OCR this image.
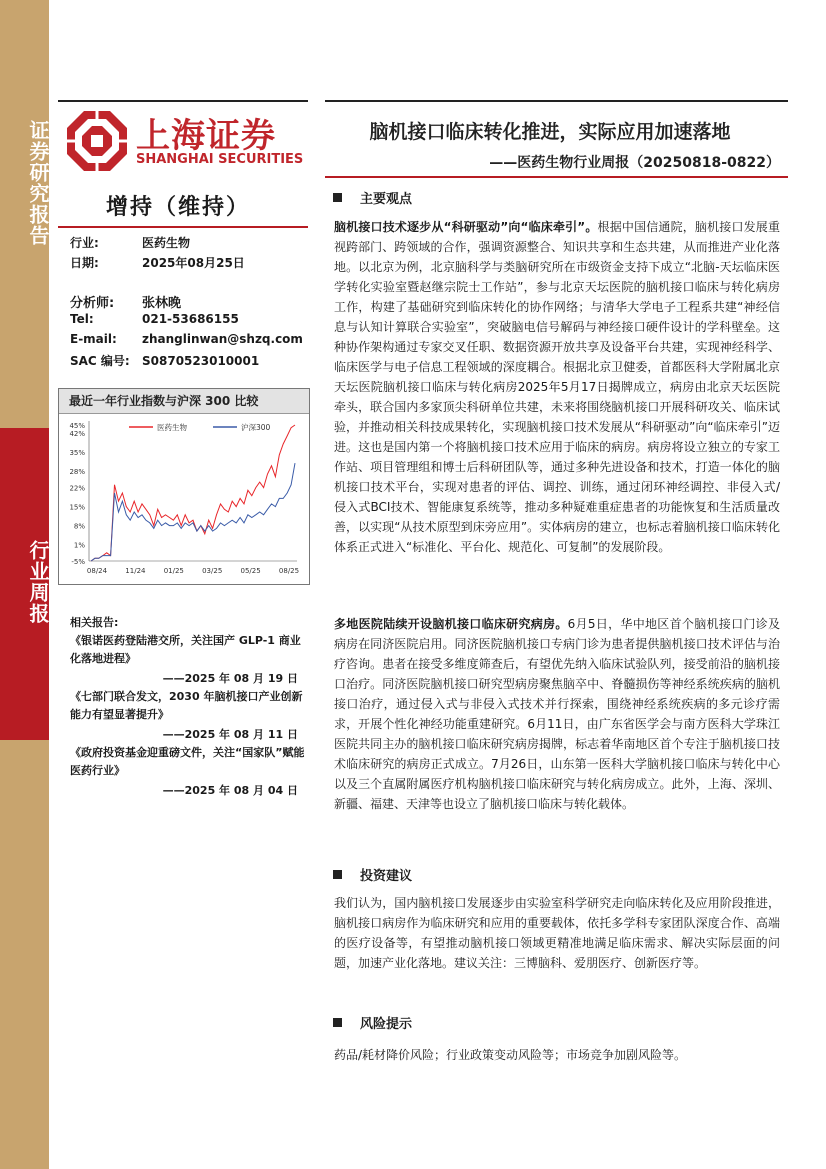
证券研究报告
行业周报
上海证券
SHANGHAI SECURITIES
脑机接口临床转化推进，实际应用加速落地
——医药生物行业周报（20250818-0822）
增持（维持）
行业:	医药生物
日期:	2025年08月25日
分析师: 张林晚
Tel:	021-53686155
E-mail: zhanglinwan@shzq.com
SAC 编号: S0870523010001
最近一年行业指数与沪深 300 比较
-5%
1%
8%
15%
22%
28%
35%
42%
45%
08/24	11/24	01/25	03/25	05/25	08/25
医药生物	沪深300
相关报告:
《银诺医药登陆港交所，关注国产 GLP-1 商业化落地进程》
——2025 年 08 月 19 日
《七部门联合发文，2030 年脑机接口产业创新能力有望显著提升》
——2025 年 08 月 11 日
《政府投资基金迎重磅文件，关注“国家队”赋能医药行业》
——2025 年 08 月 04 日
主要观点
脑机接口技术逐步从“科研驱动”向“临床牵引”。根据中国信通院，脑机接口发展重视跨部门、跨领域的合作，强调资源整合、知识共享和生态共建，从而推进产业化落地。以北京为例，北京脑科学与类脑研究所在市级资金支持下成立“北脑-天坛临床医学转化实验室暨赵继宗院士工作站”，参与北京天坛医院的脑机接口临床与转化病房工作，构建了基础研究到临床转化的协作网络；与清华大学电子工程系共建“神经信息与认知计算联合实验室”，突破脑电信号解码与神经接口硬件设计的学科壁垒。这种协作架构通过专家交叉任职、数据资源开放共享及设备平台共建，实现神经科学、临床医学与电子信息工程领域的深度耦合。根据北京卫健委，首都医科大学附属北京天坛医院脑机接口临床与转化病房2025年5月17日揭牌成立，病房由北京天坛医院牵头，联合国内多家顶尖科研单位共建，未来将围绕脑机接口开展科研攻关、临床试验，并推动相关科技成果转化，实现脑机接口技术发展从“科研驱动”向“临床牵引”迈进。这也是国内第一个将脑机接口技术应用于临床的病房。病房将设立独立的专家工作站、项目管理组和博士后科研团队等，通过多种先进设备和技术，打造一体化的脑机接口技术平台，实现对患者的评估、调控、训练，通过闭环神经调控、非侵入式/侵入式BCI技术、智能康复系统等，推动多种疑难重症患者的功能恢复和生活质量改善，以实现“从技术原型到床旁应用”。实体病房的建立，也标志着脑机接口临床转化体系正式进入“标准化、平台化、规范化、可复制”的发展阶段。
多地医院陆续开设脑机接口临床研究病房。6月5日，华中地区首个脑机接口门诊及病房在同济医院启用。同济医院脑机接口专病门诊为患者提供脑机接口技术评估与治疗咨询。患者在接受多维度筛查后，有望优先纳入临床试验队列，接受前沿的脑机接口治疗。同济医院脑机接口研究型病房聚焦脑卒中、脊髓损伤等神经系统疾病的脑机接口治疗，通过侵入式与非侵入式技术并行探索，围绕神经系统疾病的多元诊疗需求，开展个性化神经功能重建研究。6月11日，由广东省医学会与南方医科大学珠江医院共同主办的脑机接口临床研究病房揭牌，标志着华南地区首个专注于脑机接口技术临床研究的病房正式成立。7月26日，山东第一医科大学脑机接口临床与转化中心以及三个直属附属医疗机构脑机接口临床研究与转化病房成立。此外，上海、深圳、新疆、福建、天津等也设立了脑机接口临床与转化载体。
投资建议
我们认为，国内脑机接口发展逐步由实验室科学研究走向临床转化及应用阶段推进，脑机接口病房作为临床研究和应用的重要载体，依托多学科专家团队深度合作、高端的医疗设备等，有望推动脑机接口领域更精准地满足临床需求、解决实际层面的问题，加速产业化落地。建议关注：三博脑科、爱朋医疗、创新医疗等。
风险提示
药品/耗材降价风险；行业政策变动风险等；市场竞争加剧风险等。
